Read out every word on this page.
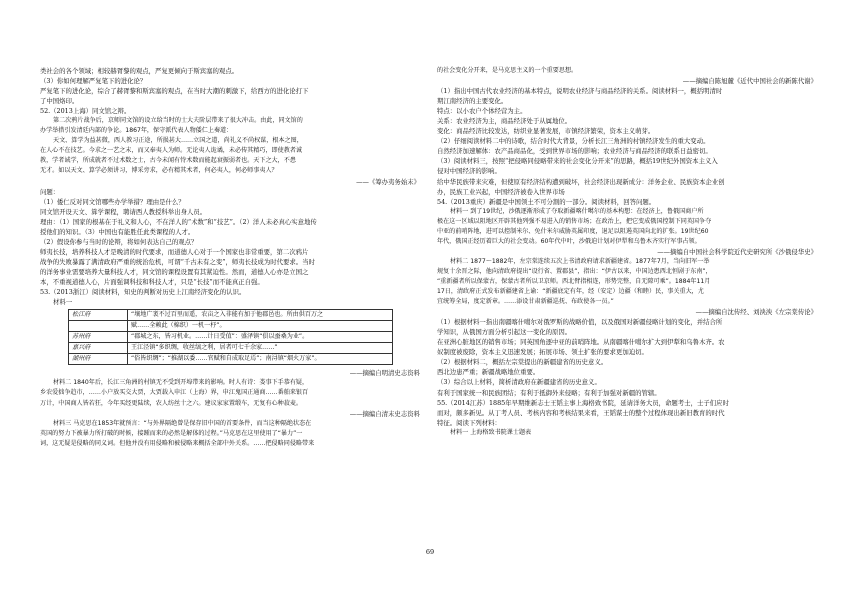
类社会的各个领域；相较赫胥黎的观点，严复更倾向于斯宾塞的观点。
（3）你如何理解严复笔下的进化论？
严复笔下的进化论，综合了赫胥黎和斯宾塞的观点，在当时大潮的刺激下，给西方的进化论打下
了中国烙印。
52.（2013上海）同文馆之辩。
第二次鸦片战争后，京师同文馆的设立给当时的士大夫阶层带来了很大冲击。由此，同文馆的
办学举措引发清廷内部的争论。1867年，保守派代表人物倭仁上奏道：
天文、算学为益甚微，西人教习正途，所损甚大……立国之道，尚礼义不尚权谋，根本之图，
在人心不在技艺。今求之一艺之末，而又奉夷人为师。无论夷人诡谲，未必传其精巧，即使教者诚
教，学者诚学，所成就者不过术数之士，古今未闻有恃术数而能起衰振弱者也。天下之大，不患
无才。如以天文、算学必须讲习，博采旁求，必有精其术者，何必夷人，何必师事夷人？
——《筹办夷务始末》
问题：
（1）倭仁反对同文馆哪些办学举措？理由是什么？
同文馆开设天文、算学课程，聘请西人教授科举出身人员。
理由：（1）国家的根基在于礼义和人心，不在洋人的“术数”和“技艺”。（2）洋人未必真心实意地传
授他们的知识。（3）中国也有能胜任此类课程的人才。
（2）假设你参与当时的论辩，将如何表达自己的观点？
师夷长技，培养科技人才是晚清的时代要求，而道德人心对于一个国家也非常重要，第二次鸦片
战争的失败暴露了满清政府严重的统治危机，可谓“千古未有之变”，师夷长技成为时代要求。当时
的洋务事业需要培养大量科技人才，同文馆的课程设置有其紧迫性。然而，道德人心亦是立国之
本，不重视道德人心，片面强调科技和科技人才，只是“长技”而不能真正自强。
53.（2013浙江）阅读材料，知史的判断对历史上江南经济变化的认识。
材料一
松江府	“壤地广袤不过百里而遥，农亩之入非能有加于他郡邑也。所由供百万之
	赋……全赖此（棉织）一机一杼”。
苏州府	“郡城之东，皆习机业。……计日受值”：盛泽镇“俱以蚕桑为业”。
嘉兴府	王江泾镇“多织绸，收丝缟之利，居者可七千余家……”
湖州府	“俗皆织绸”；“推湖以委……官赋和自成取足焉”；南浔镇“烟火万家”。
——摘编自明清史志资料
材料二 1840年后，长江三角洲的村镇无不受到开埠带来的影响。时人有诗：娄事下手恭有疑，
乡农爱拙争趋市，……小户放买交大贾，大贾载入申江（上海）界，申江鬼国正通商……番舶来银百
万计，中国商人皆若狂，今年买经更陆续，农人纺丝十之六。建议家家置缎车，无复有心种菽麦。
——摘编自清末史志资料
材料三 马克思在1853年就预言：“与外界隔绝曾是保存旧中国的首要条件，而当这种隔绝状态在
英国的努力下被暴力所打破的时候，接踵而来的必然是解体的过程。”马克思在这里使用了“暴力”一
词，这无疑是侵略的同义词。但他并没有用侵略和被侵略来概括全部中外关系。……把侵略同侵略带来
的社会变化分开来，是马克思主义的一个重要思想。
——摘编自陈旭麓《近代中国社会的新陈代谢》
（1）指出中国古代农业经济的基本特点，说明农业经济与商品经济的关系。阅读材料一，概括明清时
期江南经济的主要变化。
特点：以小农户个体经营为主。
关系：农业经济为主，商品经济处于从属地位。
变化：商品经济比较发达，纺织业显著发展，市镇经济繁荣，资本主义萌芽。
（2）仔细阅读材料二中的诗歌，结合时代大背景，分析长江三角洲的村镇经济发生的重大变动。
自然经济加速解体：农产品商品化，受到世界市场的影响；农业经济与商品经济的联系日益密切。
（3）阅读材料三，按照“把侵略同侵略带来的社会变化分开来”的思路，概括19世纪外国资本主义入
侵对中国经济的影响。
给中华民族带来灾难，但使原有经济结构遭到破坏，社会经济出现新成分：洋务企业、民族资本企业创
办，民族工业兴起，中国经济被卷入世界市场
54.（2013重庆）新疆是中国领土不可分割的一部分。阅读材料，回答问题。
材料一 到了19世纪，沙俄逐渐形成了夺取新疆喀什噶尔的基本构想：在经济上，鲁俄国商户所
极在这一区域以阻地区开辟其他列强不易进入的销售市场；在政治上，把它变成俄国控制下同英国争夺
中亚的前哨阵地，进可以控制米尔、免什米尔威胁英属印度，退足以阻遏英国向北的扩张。19世纪60
年代，俄国正经历着巨大的社会变动。60年代中叶，沙俄迫计划对伊犁和乌鲁木齐实行军事占领。
——摘编自中国社会科学院近代史研究所《沙俄侵华史》
材料二 1877～1882年，左宗棠连续五次上书清政府请求新疆建省。1877年7月，当向旧军一举
规复十余晋之际，他向清政府提出“设行省、置郡县”，指出：“伊古以来，中国边患西北恒剧于东南”，
“重新疆者所以保蒙古，保蒙古者所以卫京师。西北臂指相连，形势完整，自无隙可乘”。1884年11月
17日，清政府正式发布新疆建省上谕：“新疆底定有年，经（安定）边疆（和睦）民，事关重大，尤
宜统筹全局，度定新章。……添设甘肃新疆巡抚、布政使各一员。”
——摘编自沈传经、刘泱泱《左宗棠传论》
（1）根据材料一指出南疆喀什噶尔对俄罗斯的战略价值，以及俄国对新疆侵略计划的变化，并结合所
学知识，从俄国方面分析引起这一变化的原因。
在亚洲心脏地区的销售市场；同英国角逐中亚的前哨阵地。从南疆喀什噶尔扩大到伊犁和乌鲁木齐。农
奴制度被废除，资本主义迅速发展；拓展市场、领土扩张的要求更加迫切。
（2）根据材料二，概括左宗棠提出的新疆建省的历史意义。
西北边患严重；新疆战略地位重要。
（3）综合以上材料，简析清政府在新疆建省的历史意义。
有利于国家统一和民族团结；有利于抵御外来侵略；有利于加强对新疆的管辖。
55.（2014江苏）1885年早期维新志士王韬主事上海格致书院，延请洋务大员，命题考士，士子们应时
而对，颇多新见。从丁考人员、考核内容和考核结果来看，王韬谋士的整个过程体现出新旧教育的时代
特征。阅读下列材料：
材料一 上海格致书院课士题表
69
